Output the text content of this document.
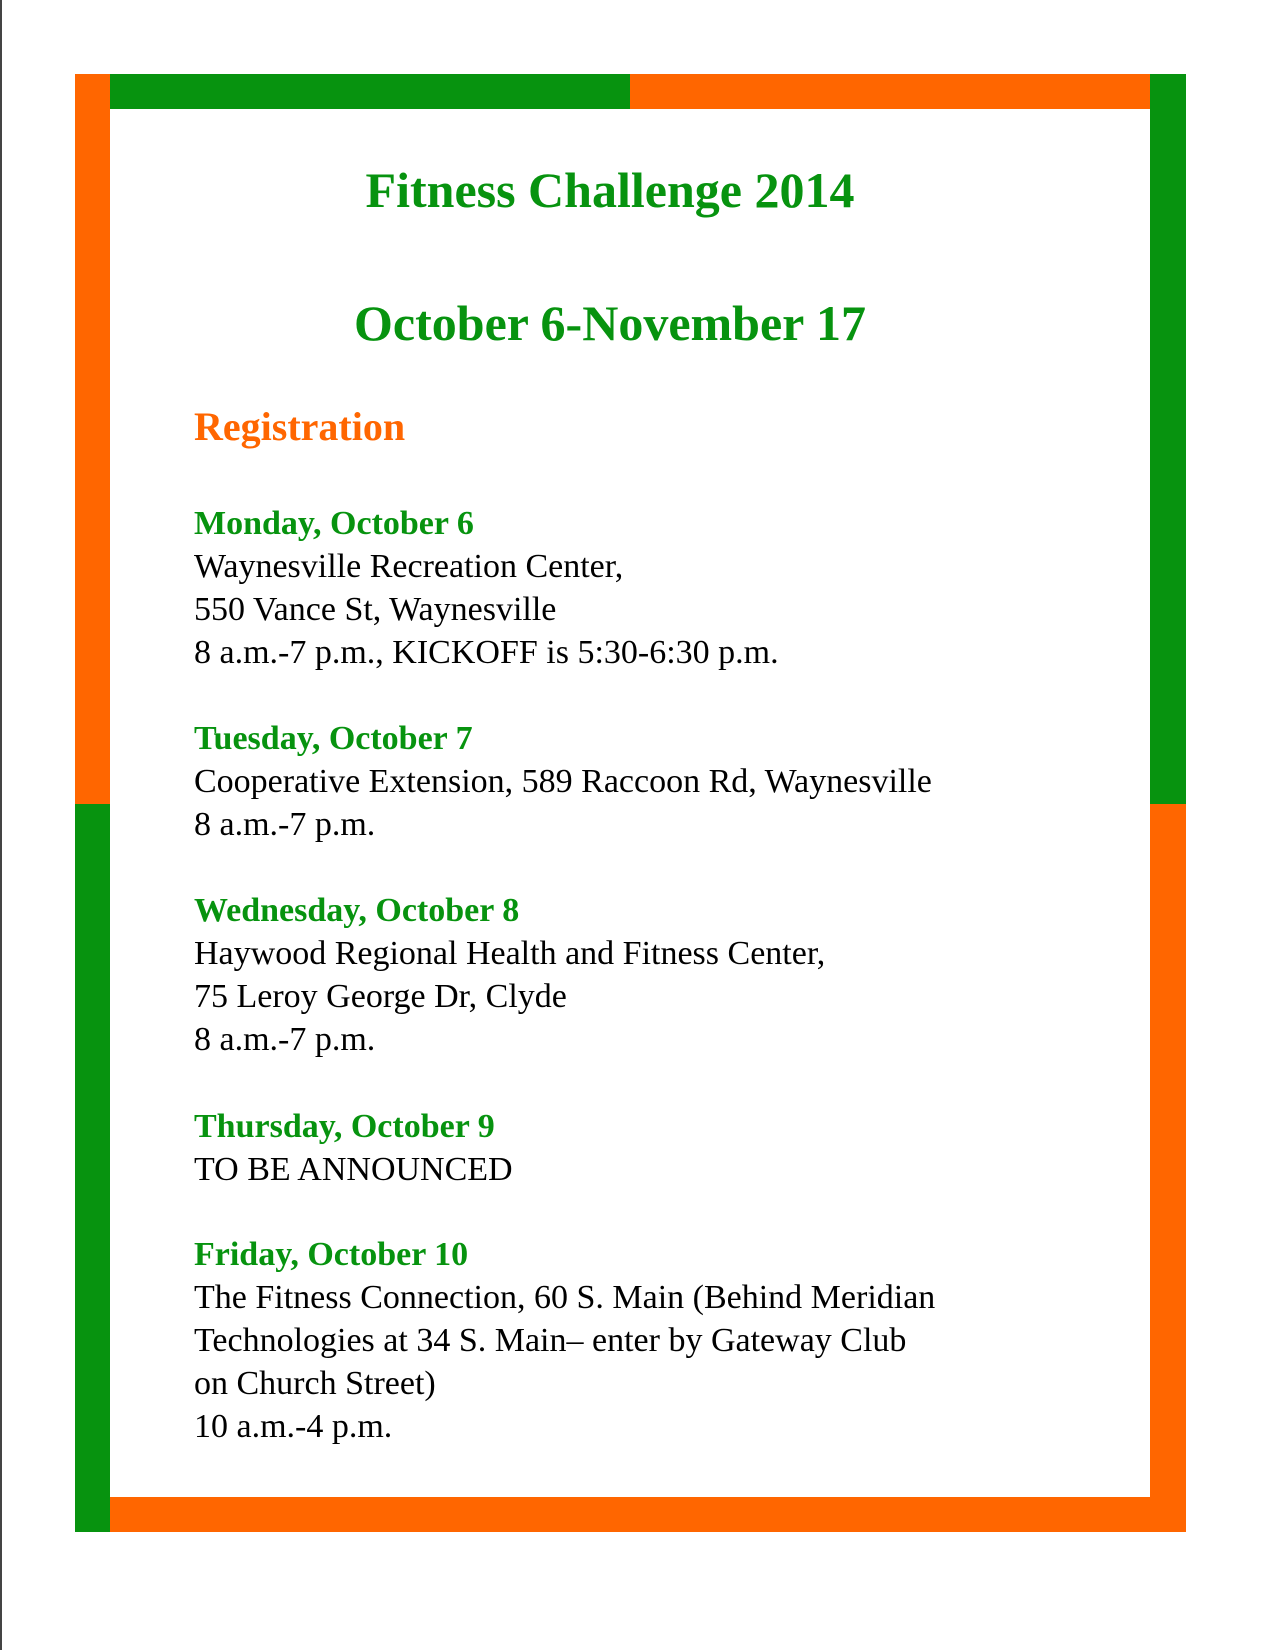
Fitness Challenge 2014
October 6-November 17
Registration

Monday, October 6

Waynesville Recreation Center,

550 Vance St, Waynesville

8 a.m.-7 p.m., KICKOFF is 5:30-6:30 p.m.

Tuesday, October 7

Cooperative Extension, 589 Raccoon Rd, Waynesville

8 a.m.-7 p.m.

Wednesday, October 8

Haywood Regional Health and Fitness Center,

75 Leroy George Dr, Clyde

8 a.m.-7 p.m.

Thursday, October 9

TO BE ANNOUNCED

Friday, October 10

The Fitness Connection, 60 S. Main (Behind Meridian

Technologies at 34 S. Main– enter by Gateway Club

on Church Street)

10 a.m.-4 p.m.
